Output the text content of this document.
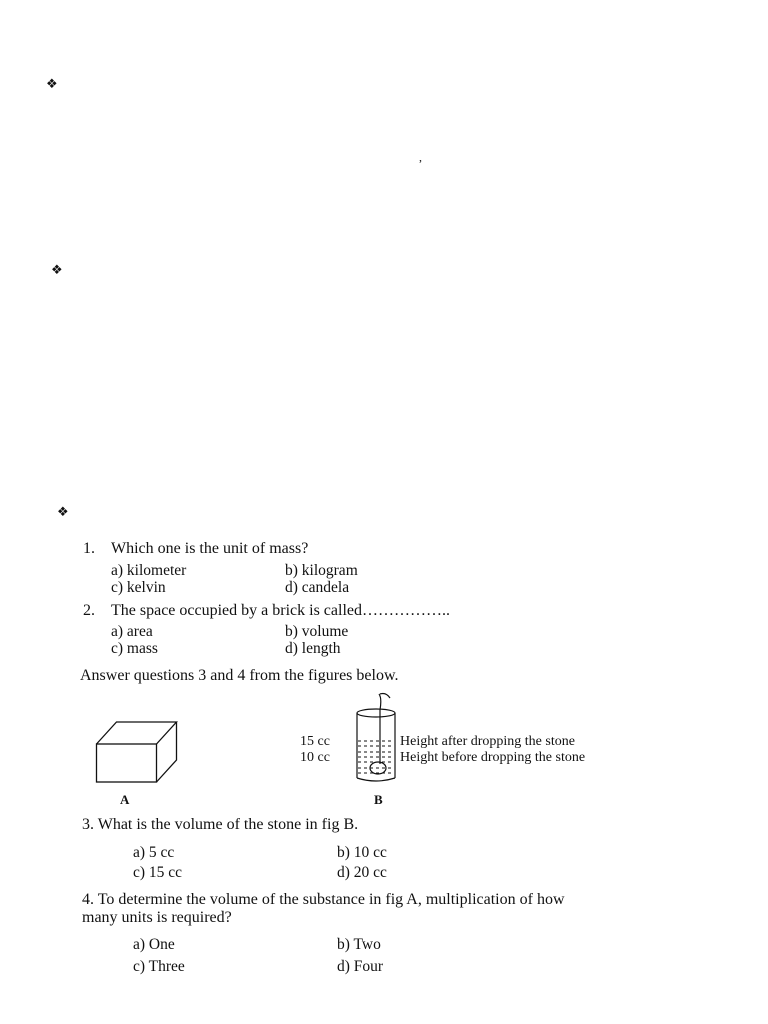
❖
,
❖
❖
1. Which one is the unit of mass?
a) kilometer	b) kilogram
c) kelvin	d) candela
2. The space occupied by a brick is called……………..
a) area	b) volume
c) mass	d) length
Answer questions 3 and 4 from the figures below.
A
15 cc
10 cc
Height after dropping the stone
Height before dropping the stone
B
3. What is the volume of the stone in fig B.
a) 5 cc	b) 10 cc
c) 15 cc	d) 20 cc
4. To determine the volume of the substance in fig A, multiplication of how
many units is required?
a) One	b) Two
c) Three	d) Four
